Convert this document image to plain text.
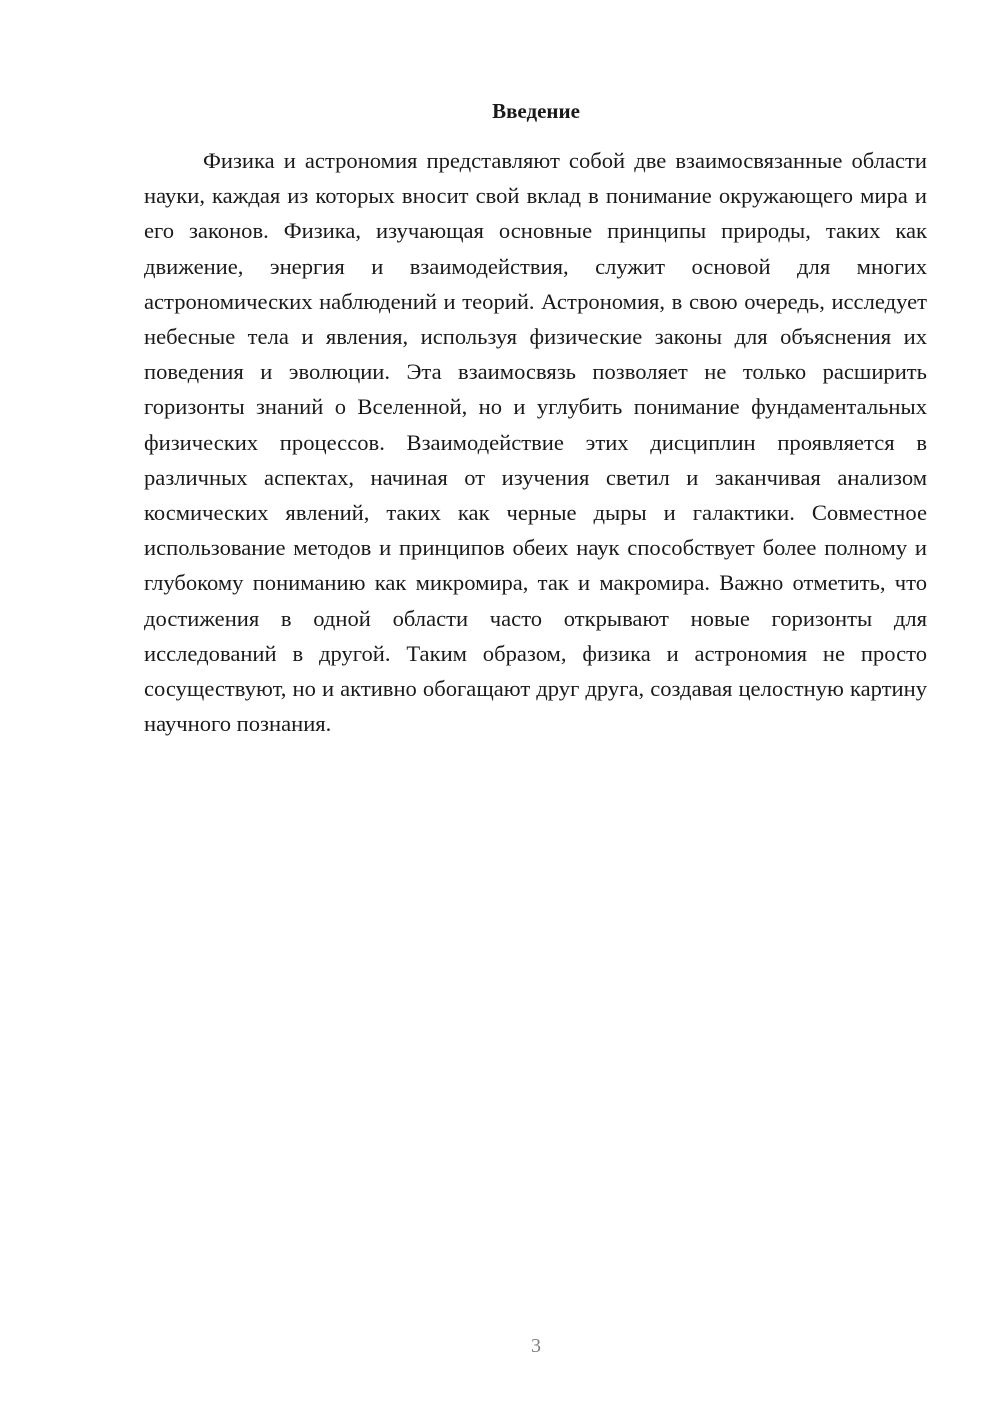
Введение

Физика и астрономия представляют собой две взаимосвязанные области науки, каждая из которых вносит свой вклад в понимание окружающего мира и его законов. Физика, изучающая основные принципы природы, таких как движение, энергия и взаимодействия, служит основой для многих астрономических наблюдений и теорий. Астрономия, в свою очередь, исследует небесные тела и явления, используя физические законы для объяснения их поведения и эволюции. Эта взаимосвязь позволяет не только расширить горизонты знаний о Вселенной, но и углубить понимание фундаментальных физических процессов. Взаимодействие этих дисциплин проявляется в различных аспектах, начиная от изучения светил и заканчивая анализом космических явлений, таких как черные дыры и галактики. Совместное использование методов и принципов обеих наук способствует более полному и глубокому пониманию как микромира, так и макромира. Важно отметить, что достижения в одной области часто открывают новые горизонты для исследований в другой. Таким образом, физика и астрономия не просто сосуществуют, но и активно обогащают друг друга, создавая целостную картину научного познания.

3
